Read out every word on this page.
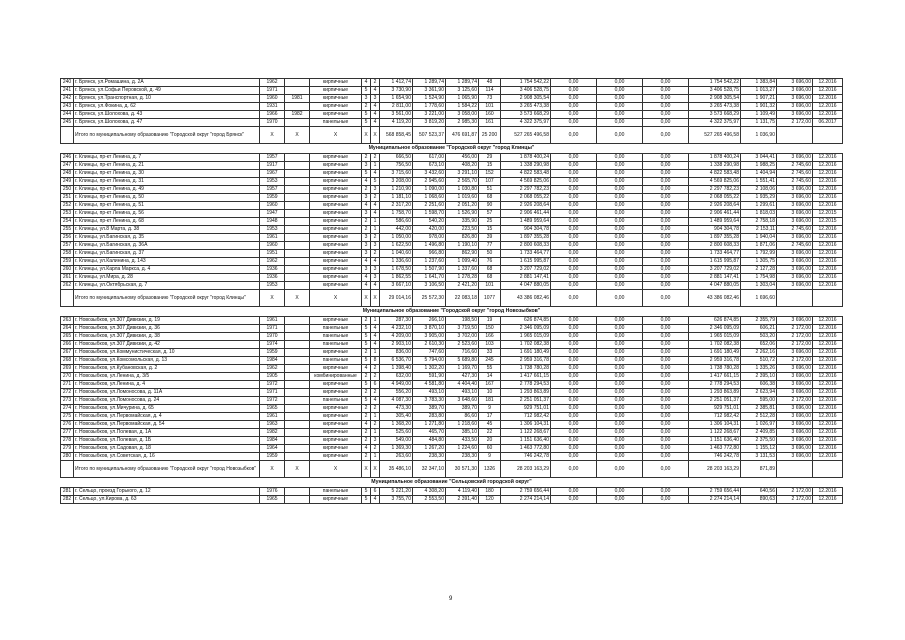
240	г. Брянск, ул.Ромашина, д. 2А	1962		кирпичные	4	2	1 412,74	1 289,74	1 289,74	48	1 754 542,22	0,00	0,00	0,00	1 754 542,22	1 383,84	3 696,00	12.2016
241	г. Брянск, ул.Софьи Перовской, д. 49	1971		кирпичные	5	4	3 730,90	3 361,90	3 125,60	114	3 406 528,75	0,00	0,00	0,00	3 406 528,75	1 013,27	3 696,00	12.2016
242	г. Брянск, ул.Транспортная, д. 10	1960	1981	кирпичные	3	3	1 654,90	1 524,90	1 065,90	73	2 908 305,54	0,00	0,00	0,00	2 908 305,54	1 907,21	3 696,00	12.2016
243	г. Брянск, ул.Фокина, д. 62	1931		кирпичные	2	4	2 811,00	1 778,60	1 584,22	101	3 265 473,38	0,00	0,00	0,00	3 265 473,38	1 901,32	3 696,00	12.2016
244	г. Брянск, ул.Шолохова, д. 43	1966	1982	кирпичные	5	4	3 561,00	3 221,00	3 058,00	160	3 573 668,29	0,00	0,00	0,00	3 573 668,29	1 109,49	3 696,00	12.2016
245	г. Брянск, ул.Шолохова, д. 47	1970		панельные	5	4	4 119,20	3 819,20	2 985,30	161	4 322 375,97	0,00	0,00	0,00	4 322 375,97	1 131,75	2 172,00	06.2017
	Итого по муниципальному образованию "Городской округ "город Брянск"	X	X	X	X	X	568 858,45	507 523,37	476 691,87	25 200	527 265 496,58	0,00	0,00	0,00	527 265 496,58	1 036,90		
Муниципальное образование "Городской округ "город Клинцы"																		
246	г. Клинцы, пр-кт Ленина, д. 7	1957		кирпичные	2	2	666,50	617,00	456,00	29	1 878 400,24	0,00	0,00	0,00	1 878 400,24	3 044,41	3 696,00	12.2016
247	г. Клинцы, пр-кт Ленина, д. 21	1917		кирпичные	3	1	756,50	673,10	408,20	15	1 338 290,98	0,00	0,00	0,00	1 338 290,98	1 988,25	2 745,60	12.2016
248	г. Клинцы, пр-кт Ленина, д. 30	1967		кирпичные	5	4	3 715,60	3 432,60	3 291,10	152	4 822 583,48	0,00	0,00	0,00	4 822 583,48	1 404,94	2 745,60	12.2016
249	г. Клинцы, пр-кт Ленина, д. 31	1953		кирпичные	4	5	3 208,00	2 945,60	2 565,70	107	4 569 825,06	0,00	0,00	0,00	4 569 825,06	1 551,41	2 745,60	12.2016
250	г. Клинцы, пр-кт Ленина, д. 49	1957		кирпичные	2	3	1 210,90	1 090,00	1 030,80	51	2 297 782,23	0,00	0,00	0,00	2 297 782,23	2 108,06	3 696,00	12.2016
251	г. Клинцы, пр-кт Ленина, д. 50	1959		кирпичные	3	2	1 181,10	1 068,60	1 019,60	68	2 068 055,22	0,00	0,00	0,00	2 068 055,22	1 935,29	3 696,00	12.2016
252	г. Клинцы, пр-кт Ленина, д. 51	1960		кирпичные	4	4	2 317,20	2 251,60	2 051,20	90	2 926 208,64	0,00	0,00	0,00	2 926 208,64	1 299,61	3 696,00	12.2016
253	г. Клинцы, пр-кт Ленина, д. 56	1947		кирпичные	3	4	1 758,70	1 598,70	1 526,90	57	2 906 461,44	0,00	0,00	0,00	2 906 461,44	1 818,03	3 696,00	12.2015
254	г. Клинцы, пр-кт Ленина, д. 68	1948		кирпичные	2	1	586,60	540,20	335,90	25	1 489 959,64	0,00	0,00	0,00	1 489 959,64	2 758,18	3 696,00	12.2015
255	г. Клинцы, ул.8 Марта, д. 38	1953		кирпичные	2	1	442,00	420,00	223,50	15	904 304,78	0,00	0,00	0,00	904 304,78	2 153,11	2 745,60	12.2016
256	г. Клинцы, ул.Багинская, д. 35	1961		кирпичные	3	2	1 050,00	978,00	826,80	39	1 897 355,28	0,00	0,00	0,00	1 897 355,28	1 940,04	3 696,00	12.2016
257	г. Клинцы, ул.Багинская, д. 36А	1960		кирпичные	3	3	1 622,50	1 496,80	1 190,10	77	2 800 608,33	0,00	0,00	0,00	2 800 608,33	1 871,06	2 745,60	12.2016
258	г. Клинцы, ул.Багинская, д. 37	1951		кирпичные	3	2	1 040,60	966,80	862,90	50	1 733 464,77	0,00	0,00	0,00	1 733 464,77	1 792,99	3 696,00	12.2016
259	г. Клинцы, ул.Калинина, д. 143	1962		кирпичные	4	4	1 336,60	1 237,60	1 099,40	76	1 615 995,87	0,00	0,00	0,00	1 615 995,87	1 305,75	3 696,00	12.2016
260	г. Клинцы, ул.Карла Маркса, д. 4	1936		кирпичные	3	3	1 678,50	1 507,90	1 337,60	68	3 207 729,02	0,00	0,00	0,00	3 207 729,02	2 127,28	3 696,00	12.2016
261	г. Клинцы, ул.Мира, д. 28	1936		кирпичные	4	3	1 862,55	1 641,70	1 278,28	68	2 881 147,41	0,00	0,00	0,00	2 881 147,41	1 754,98	3 696,00	12.2016
262	г. Клинцы, ул.Октябрьская, д. 7	1953		кирпичные	4	4	3 667,10	3 106,50	2 421,20	101	4 047 880,05	0,00	0,00	0,00	4 047 880,05	1 303,04	3 696,00	12.2016
	Итого по муниципальному образованию "Городской округ "город Клинцы"	X	X	X	X	X	29 014,16	25 572,30	22 083,18	1077	43 386 082,46	0,00	0,00	0,00	43 386 082,46	1 696,60		
Муниципальное образование "Городской округ "город Новозыбков"																		
263	г. Новозыбков, ул.307 Дивизии, д. 19	1961		кирпичные	2	1	287,30	266,10	198,50	19	626 874,85	0,00	0,00	0,00	626 874,85	2 355,79	3 696,00	12.2016
264	г. Новозыбков, ул.307 Дивизии, д. 36	1971		панельные	5	4	4 232,10	3 870,10	3 719,50	150	2 346 095,09	0,00	0,00	0,00	2 346 095,09	606,21	2 172,00	12.2016
265	г. Новозыбков, ул.307 Дивизии, д. 38	1970		панельные	5	4	4 209,00	3 905,00	3 702,00	166	1 965 015,09	0,00	0,00	0,00	1 965 015,09	503,20	2 172,00	12.2016
266	г. Новозыбков, ул.307 Дивизии, д. 42	1974		панельные	5	4	2 903,10	2 610,30	2 523,60	103	1 702 082,38	0,00	0,00	0,00	1 702 082,38	652,06	2 172,00	12.2016
267	г. Новозыбков, ул.Коммунистическая, д. 10	1959		кирпичные	2	1	836,00	747,60	716,60	33	1 691 180,49	0,00	0,00	0,00	1 691 180,49	2 262,16	3 696,00	12.2016
268	г. Новозыбков, ул.Комсомольская, д. 13	1984		панельные	5	8	6 536,70	5 794,00	5 689,80	245	2 959 316,78	0,00	0,00	0,00	2 959 316,78	510,72	2 172,00	12.2016
269	г. Новозыбков, ул.Кубановская, д. 2	1962		кирпичные	4	2	1 398,40	1 302,20	1 169,70	55	1 738 780,28	0,00	0,00	0,00	1 738 780,28	1 335,26	3 696,00	12.2016
270	г. Новозыбков, ул.Ленина, д. 3/5	1905		комбинированные	2	2	632,00	591,90	427,30	14	1 417 661,15	0,00	0,00	0,00	1 417 661,15	2 395,10	3 696,00	12.2016
271	г. Новозыбков, ул.Ленина, д. 4	1972		кирпичные	5	6	4 949,00	4 581,80	4 404,40	167	2 778 294,53	0,00	0,00	0,00	2 778 294,53	606,38	3 696,00	12.2016
272	г. Новозыбков, ул.Ломоносова, д. 11А	1971		кирпичные	2	2	556,20	493,10	493,10	10	1 293 863,89	0,00	0,00	0,00	1 293 863,89	2 623,94	3 696,00	12.2016
273	г. Новозыбков, ул.Ломоносова, д. 24	1972		панельные	5	4	4 087,30	3 783,30	3 648,60	181	2 251 051,37	0,00	0,00	0,00	2 251 051,37	595,00	2 172,00	12.2016
274	г. Новозыбков, ул.Мичурина, д. 65	1965		кирпичные	2	2	473,30	389,70	389,70	9	929 751,01	0,00	0,00	0,00	929 751,01	2 385,81	3 696,00	12.2016
275	г. Новозыбков, ул.Первомайская, д. 4	1961		кирпичные	2	1	305,40	283,80	86,60	17	712 982,42	0,00	0,00	0,00	712 982,42	2 512,28	3 696,00	12.2016
276	г. Новозыбков, ул.Первомайская, д. 54	1963		кирпичные	4	2	1 368,20	1 271,80	1 218,60	45	1 306 104,31	0,00	0,00	0,00	1 306 104,31	1 026,97	3 696,00	12.2016
277	г. Новозыбков, ул.Полевая, д. 1А	1982		кирпичные	2	1	525,60	465,70	385,10	22	1 122 268,67	0,00	0,00	0,00	1 122 268,67	2 409,85	3 696,00	12.2016
278	г. Новозыбков, ул.Полевая, д. 1Б	1984		кирпичные	2	3	549,00	484,80	433,50	20	1 151 636,40	0,00	0,00	0,00	1 151 636,40	2 375,50	3 696,00	12.2016
279	г. Новозыбков, ул.Садовая, д. 18	1964		кирпичные	4	2	1 369,30	1 267,20	1 224,60	60	1 463 772,80	0,00	0,00	0,00	1 463 772,80	1 155,12	3 696,00	12.2016
280	г. Новозыбков, ул.Советская, д. 16	1959		кирпичные	2	1	263,60	238,30	238,30	9	746 242,78	0,00	0,00	0,00	746 242,78	3 131,53	3 696,00	12.2016
	Итого по муниципальному образованию "Городской округ "город Новозыбков"	X	X	X	X	X	35 486,10	32 347,10	30 571,30	1326	28 203 163,29	0,00	0,00	0,00	28 203 163,29	871,89		
Муниципальное образование "Сельцовский городской округ"																		
281	г. Сельцо, проезд Горького, д. 12	1976		панельные	5	6	5 221,20	4 308,20	4 119,40	180	2 759 656,44	0,00	0,00	0,00	2 759 656,44	640,56	2 172,00	12.2016
282	г. Сельцо, ул.Кирова, д. 63	1965		кирпичные	5	4	3 755,70	2 553,50	2 391,40	120	2 274 214,14	0,00	0,00	0,00	2 274 214,14	890,63	2 172,00	12.2016
9
